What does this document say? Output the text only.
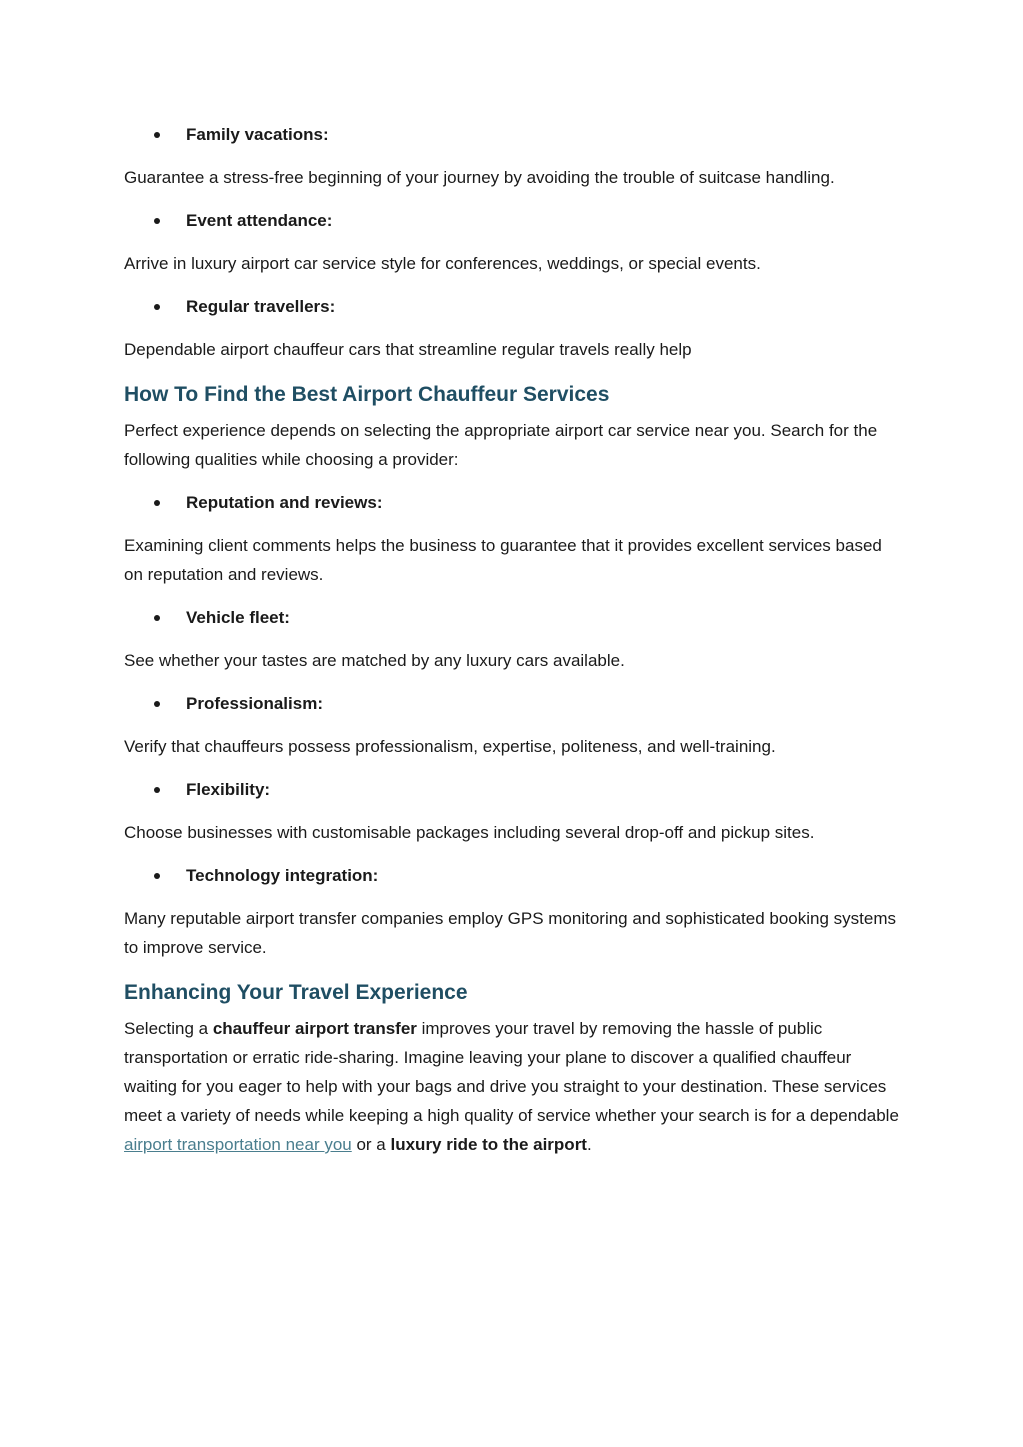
Family vacations:

Guarantee a stress-free beginning of your journey by avoiding the trouble of suitcase handling.

Event attendance:

Arrive in luxury airport car service style for conferences, weddings, or special events.

Regular travellers:

Dependable airport chauffeur cars that streamline regular travels really help

How To Find the Best Airport Chauffeur Services

Perfect experience depends on selecting the appropriate airport car service near you. Search for the following qualities while choosing a provider:

Reputation and reviews:

Examining client comments helps the business to guarantee that it provides excellent services based on reputation and reviews.

Vehicle fleet:

See whether your tastes are matched by any luxury cars available.

Professionalism:

Verify that chauffeurs possess professionalism, expertise, politeness, and well-training.

Flexibility:

Choose businesses with customisable packages including several drop-off and pickup sites.

Technology integration:

Many reputable airport transfer companies employ GPS monitoring and sophisticated booking systems to improve service.

Enhancing Your Travel Experience

Selecting a chauffeur airport transfer improves your travel by removing the hassle of public transportation or erratic ride-sharing. Imagine leaving your plane to discover a qualified chauffeur waiting for you eager to help with your bags and drive you straight to your destination. These services meet a variety of needs while keeping a high quality of service whether your search is for a dependable airport transportation near you or a luxury ride to the airport.
